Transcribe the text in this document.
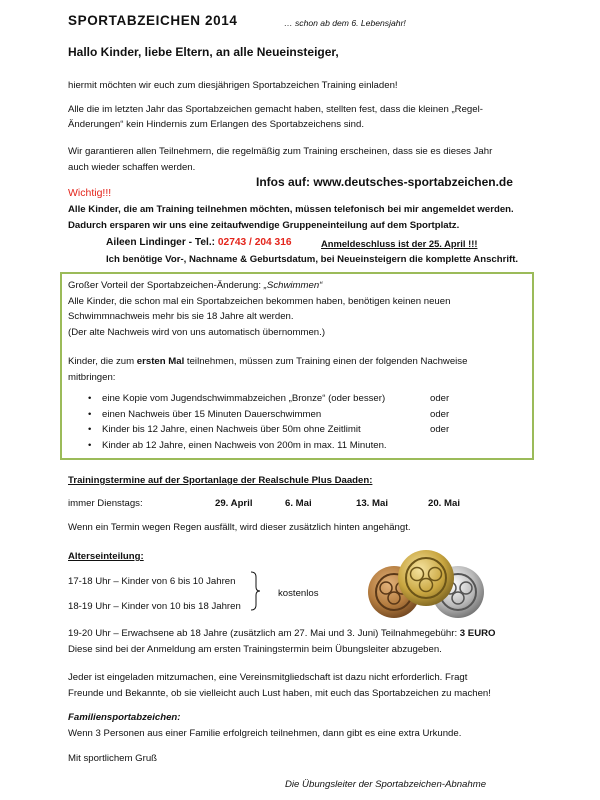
SPORTABZEICHEN 2014	… schon ab dem 6. Lebensjahr!
Hallo Kinder, liebe Eltern, an alle Neueinsteiger,
hiermit möchten wir euch zum diesjährigen Sportabzeichen Training einladen!
Alle die im letzten Jahr das Sportabzeichen gemacht haben, stellten fest, dass die kleinen „Regel-
Änderungen“ kein Hindernis zum Erlangen des Sportabzeichens sind.
Wir garantieren allen Teilnehmern, die regelmäßig zum Training erscheinen, dass sie es dieses Jahr
auch wieder schaffen werden.
Infos auf: www.deutsches-sportabzeichen.de
Wichtig!!!
Alle Kinder, die am Training teilnehmen möchten, müssen telefonisch bei mir angemeldet werden.
Dadurch ersparen wir uns eine zeitaufwendige Gruppeneinteilung auf dem Sportplatz.
Aileen Lindinger - Tel.: 02743 / 204 316	Anmeldeschluss ist der 25. April !!!
Ich benötige Vor-, Nachname & Geburtsdatum, bei Neueinsteigern die komplette Anschrift.
Großer Vorteil der Sportabzeichen-Änderung: „Schwimmen“
Alle Kinder, die schon mal ein Sportabzeichen bekommen haben, benötigen keinen neuen
Schwimmnachweis mehr bis sie 18 Jahre alt werden.
(Der alte Nachweis wird von uns automatisch übernommen.)
Kinder, die zum ersten Mal teilnehmen, müssen zum Training einen der folgenden Nachweise
mitbringen:
• eine Kopie vom Jugendschwimmabzeichen „Bronze“ (oder besser)	oder
• einen Nachweis über 15 Minuten Dauerschwimmen	oder
• Kinder bis 12 Jahre, einen Nachweis über 50m ohne Zeitlimit	oder
• Kinder ab 12 Jahre, einen Nachweis von 200m in max. 11 Minuten.
Trainingstermine auf der Sportanlage der Realschule Plus Daaden:
immer Dienstags:	29. April	6. Mai	13. Mai	20. Mai
Wenn ein Termin wegen Regen ausfällt, wird dieser zusätzlich hinten angehängt.
Alterseinteilung:
17-18 Uhr – Kinder von 6 bis 10 Jahren
18-19 Uhr – Kinder von 10 bis 18 Jahren
kostenlos
19-20 Uhr – Erwachsene ab 18 Jahre (zusätzlich am 27. Mai und 3. Juni) Teilnahmegebühr: 3 EURO
Diese sind bei der Anmeldung am ersten Trainingstermin beim Übungsleiter abzugeben.
Jeder ist eingeladen mitzumachen, eine Vereinsmitgliedschaft ist dazu nicht erforderlich. Fragt
Freunde und Bekannte, ob sie vielleicht auch Lust haben, mit euch das Sportabzeichen zu machen!
Familiensportabzeichen:
Wenn 3 Personen aus einer Familie erfolgreich teilnehmen, dann gibt es eine extra Urkunde.
Mit sportlichem Gruß
Die Übungsleiter der Sportabzeichen-Abnahme
